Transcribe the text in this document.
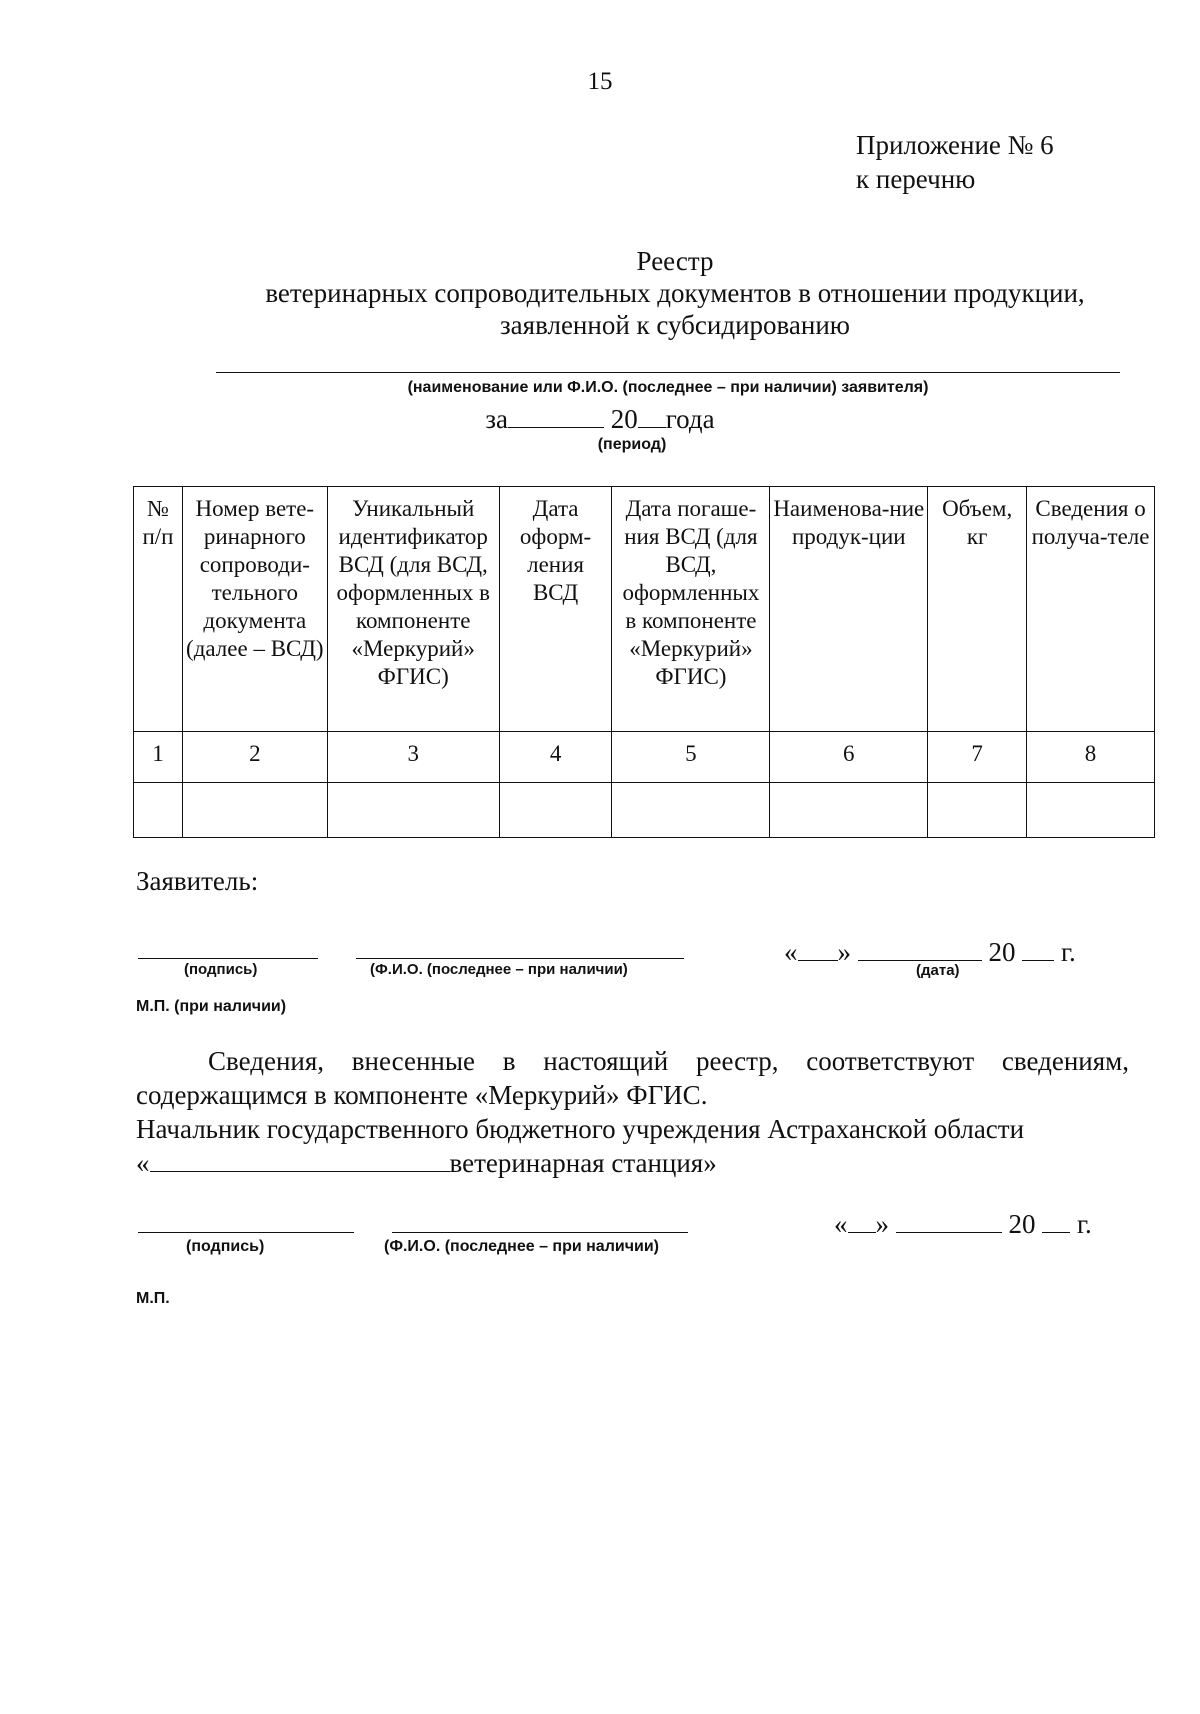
15
Приложение № 6
к перечню
Реестр
ветеринарных сопроводительных документов в отношении продукции,
заявленной к субсидированию
(наименование или Ф.И.О. (последнее – при наличии) заявителя)
за	20 года
(период)
№ п/п	Номер вете-ринарного сопроводи-тельного документа (далее – ВСД)	Уникальный идентификатор ВСД (для ВСД, оформленных в компоненте «Меркурий» ФГИС)	Дата оформ-ления ВСД	Дата погаше-ния ВСД (для ВСД, оформленных в компоненте «Меркурий» ФГИС)	Наименова-ние продук-ции	Объем, кг	Сведения о получа-теле
1	2	3	4	5	6	7	8

Заявитель:
(подпись)	(Ф.И.О. (последнее – при наличии)
« »	20 г.
(дата)
М.П. (при наличии)
Сведения, внесенные в настоящий реестр, соответствуют сведениям, содержащимся в компоненте «Меркурий» ФГИС.
Начальник государственного бюджетного учреждения Астраханской области
«	ветеринарная станция»
(подпись)	(Ф.И.О. (последнее – при наличии)
« »	20 г.
М.П.
